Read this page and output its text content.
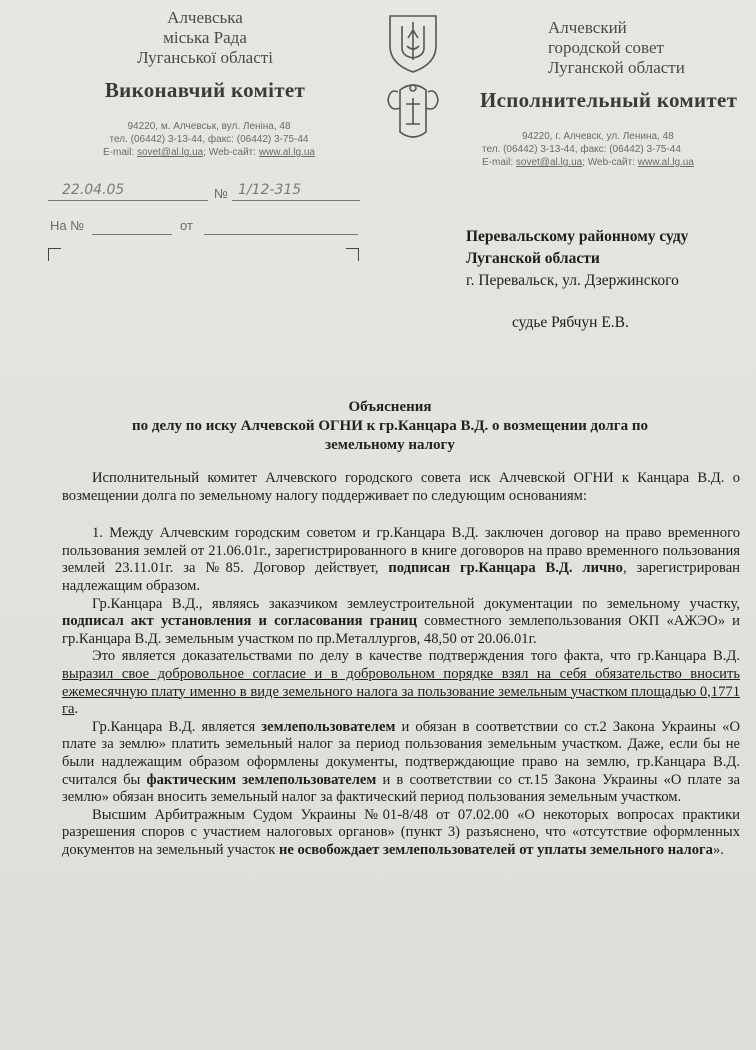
Алчевська
міська Рада
Луганської області
Виконавчий комітет
94220, м. Алчевськ, вул. Леніна, 48
тел. (06442) 3-13-44, факс: (06442) 3-75-44
E-mail: sovet@al.lg.ua; Web-сайт: www.al.lg.ua
Алчевский
городской совет
Луганской области
Исполнительный комитет
94220, г. Алчевск, ул. Ленина, 48
тел. (06442) 3-13-44, факс: (06442) 3-75-44
E-mail: sovet@al.lg.ua; Web-сайт: www.al.lg.ua
22.04.05	№ 1/12-315
На №	от
Перевальскому районному суду
Луганской области
г. Перевальск, ул. Дзержинского
судье Рябчун Е.В.
Объяснения
по делу по иску Алчевской ОГНИ к гр.Канцара В.Д. о возмещении долга по
земельному налогу

Исполнительный комитет Алчевского городского совета иск Алчевской ОГНИ к Канцара В.Д. о возмещении долга по земельному налогу поддерживает по следующим основаниям:

1. Между Алчевским городским советом и гр.Канцара В.Д. заключен договор на право временного пользования землей от 21.06.01г., зарегистрированного в книге договоров на право временного пользования землей 23.11.01г. за №85. Договор действует, подписан гр.Канцара В.Д. лично, зарегистрирован надлежащим образом.

Гр.Канцара В.Д., являясь заказчиком землеустроительной документации по земельному участку, подписал акт установления и согласования границ совместного землепользования ОКП «АЖЭО» и гр.Канцара В.Д. земельным участком по пр.Металлургов, 48,50 от 20.06.01г.

Это является доказательствами по делу в качестве подтверждения того факта, что гр.Канцара В.Д. выразил свое добровольное согласие и в добровольном порядке взял на себя обязательство вносить ежемесячную плату именно в виде земельного налога за пользование земельным участком площадью 0,1771 га.

Гр.Канцара В.Д. является землепользователем и обязан в соответствии со ст.2 Закона Украины «О плате за землю» платить земельный налог за период пользования земельным участком. Даже, если бы не были надлежащим образом оформлены документы, подтверждающие право на землю, гр.Канцара В.Д. считался бы фактическим землепользователем и в соответствии со ст.15 Закона Украины «О плате за землю» обязан вносить земельный налог за фактический период пользования земельным участком.

Высшим Арбитражным Судом Украины №01-8/48 от 07.02.00 «О некоторых вопросах практики разрешения споров с участием налоговых органов» (пункт 3) разъяснено, что «отсутствие оформленных документов на земельный участок не освобождает землепользователей от уплаты земельного налога».
